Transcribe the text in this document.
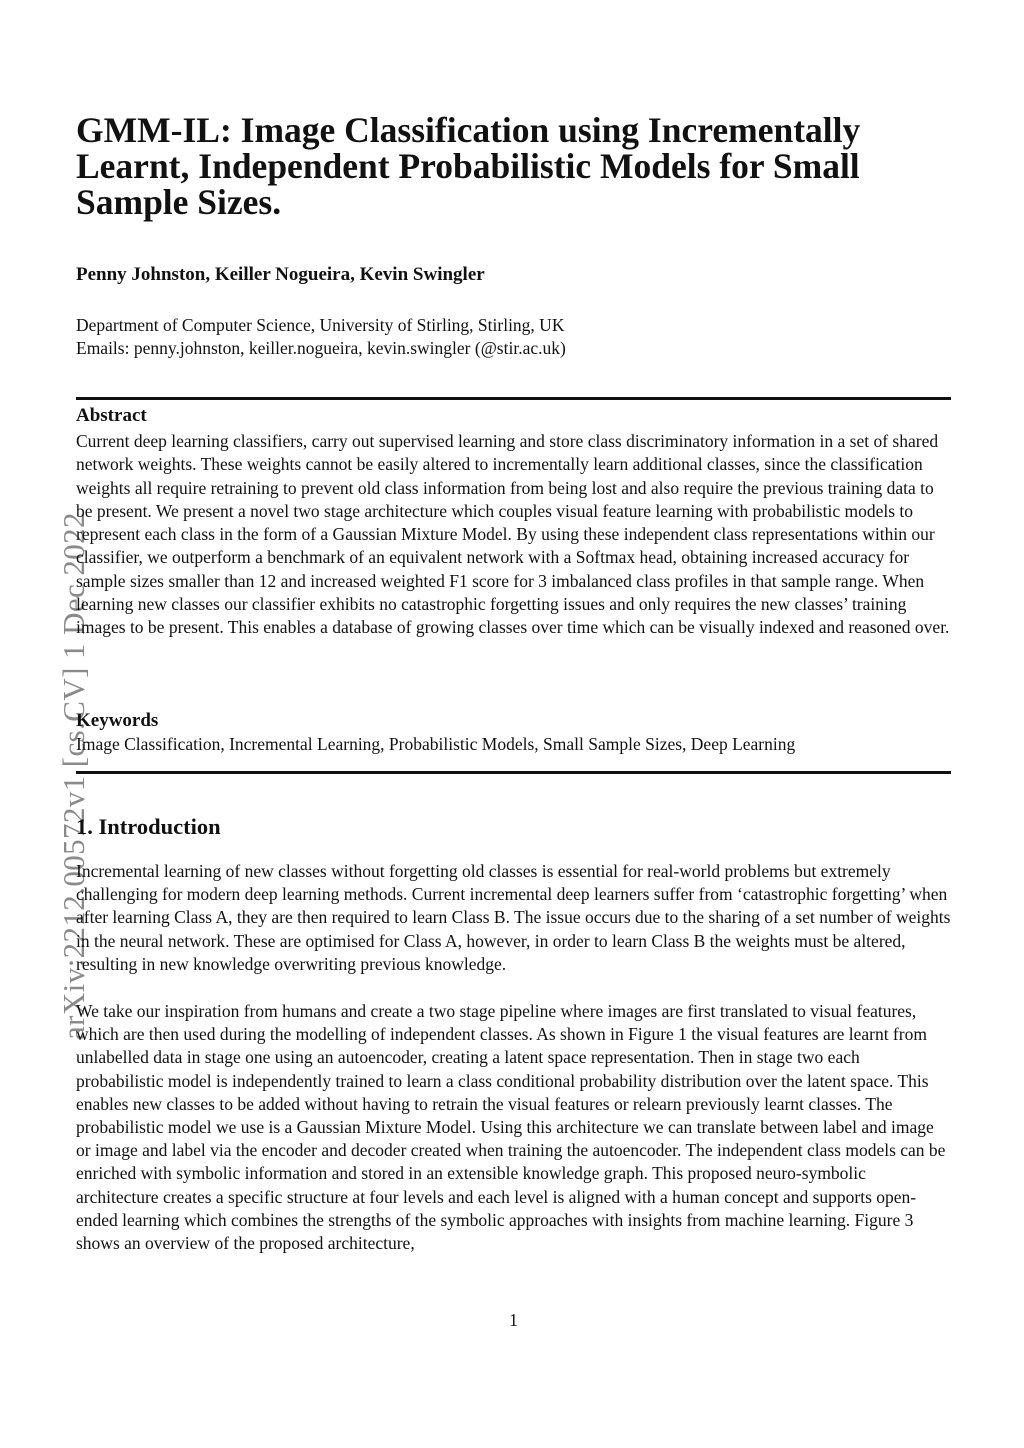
arXiv:2212.00572v1 [cs.CV] 1 Dec 2022
GMM-IL: Image Classification using Incrementally Learnt, Independent Probabilistic Models for Small Sample Sizes.

Penny Johnston, Keiller Nogueira, Kevin Swingler

Department of Computer Science, University of Stirling, Stirling, UK
Emails: penny.johnston, keiller.nogueira, kevin.swingler (@stir.ac.uk)
Abstract

Current deep learning classifiers, carry out supervised learning and store class discriminatory information in a set of shared network weights. These weights cannot be easily altered to incrementally learn additional classes, since the classification weights all require retraining to prevent old class information from being lost and also require the previous training data to be present. We present a novel two stage architecture which couples visual feature learning with probabilistic models to represent each class in the form of a Gaussian Mixture Model. By using these independent class representations within our classifier, we outperform a benchmark of an equivalent network with a Softmax head, obtaining increased accuracy for sample sizes smaller than 12 and increased weighted F1 score for 3 imbalanced class profiles in that sample range. When learning new classes our classifier exhibits no catastrophic forgetting issues and only requires the new classes’ training images to be present. This enables a database of growing classes over time which can be visually indexed and reasoned over.

Keywords

Image Classification, Incremental Learning, Probabilistic Models, Small Sample Sizes, Deep Learning

1. Introduction

Incremental learning of new classes without forgetting old classes is essential for real-world problems but extremely challenging for modern deep learning methods. Current incremental deep learners suffer from ‘catastrophic forgetting’ when after learning Class A, they are then required to learn Class B. The issue occurs due to the sharing of a set number of weights in the neural network. These are optimised for Class A, however, in order to learn Class B the weights must be altered, resulting in new knowledge overwriting previous knowledge.

We take our inspiration from humans and create a two stage pipeline where images are first translated to visual features, which are then used during the modelling of independent classes. As shown in Figure 1 the visual features are learnt from unlabelled data in stage one using an autoencoder, creating a latent space representation. Then in stage two each probabilistic model is independently trained to learn a class conditional probability distribution over the latent space. This enables new classes to be added without having to retrain the visual features or relearn previously learnt classes. The probabilistic model we use is a Gaussian Mixture Model. Using this architecture we can translate between label and image or image and label via the encoder and decoder created when training the autoencoder. The independent class models can be enriched with symbolic information and stored in an extensible knowledge graph. This proposed neuro-symbolic architecture creates a specific structure at four levels and each level is aligned with a human concept and supports open-ended learning which combines the strengths of the symbolic approaches with insights from machine learning. Figure 3 shows an overview of the proposed architecture,

1
